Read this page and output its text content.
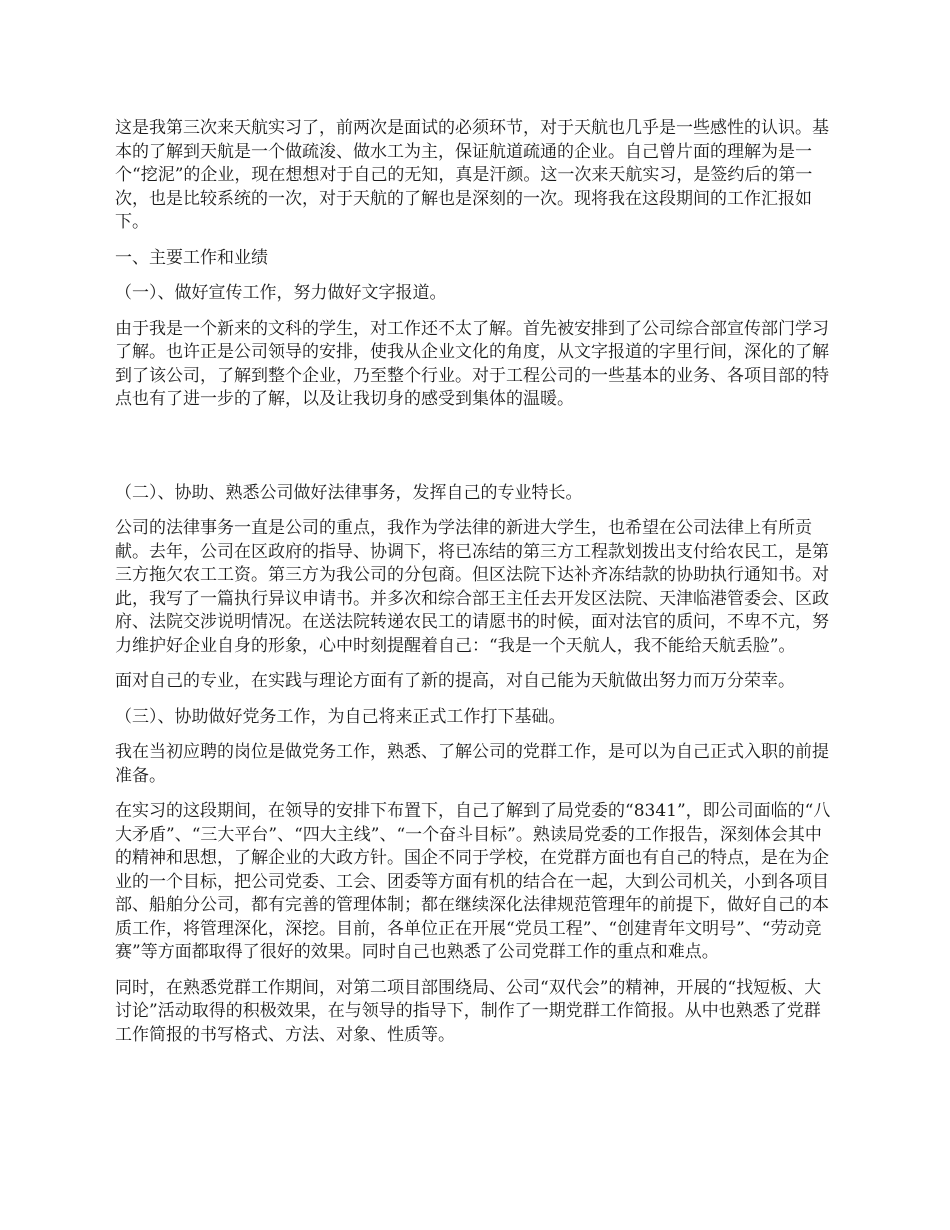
这是我第三次来天航实习了，前两次是面试的必须环节，对于天航也几乎是一些感性的认识。基本的了解到天航是一个做疏浚、做水工为主，保证航道疏通的企业。自己曾片面的理解为是一个“挖泥”的企业，现在想想对于自己的无知，真是汗颜。这一次来天航实习，是签约后的第一次，也是比较系统的一次，对于天航的了解也是深刻的一次。现将我在这段期间的工作汇报如下。

一、主要工作和业绩

（一）、做好宣传工作，努力做好文字报道。

由于我是一个新来的文科的学生，对工作还不太了解。首先被安排到了公司综合部宣传部门学习了解。也许正是公司领导的安排，使我从企业文化的角度，从文字报道的字里行间，深化的了解到了该公司，了解到整个企业，乃至整个行业。对于工程公司的一些基本的业务、各项目部的特点也有了进一步的了解，以及让我切身的感受到集体的温暖。

（二）、协助、熟悉公司做好法律事务，发挥自己的专业特长。

公司的法律事务一直是公司的重点，我作为学法律的新进大学生，也希望在公司法律上有所贡献。去年，公司在区政府的指导、协调下，将已冻结的第三方工程款划拨出支付给农民工，是第三方拖欠农工工资。第三方为我公司的分包商。但区法院下达补齐冻结款的协助执行通知书。对此，我写了一篇执行异议申请书。并多次和综合部王主任去开发区法院、天津临港管委会、区政府、法院交涉说明情况。在送法院转递农民工的请愿书的时候，面对法官的质问，不卑不亢，努力维护好企业自身的形象，心中时刻提醒着自己：“我是一个天航人，我不能给天航丢脸”。

面对自己的专业，在实践与理论方面有了新的提高，对自己能为天航做出努力而万分荣幸。

（三）、协助做好党务工作，为自己将来正式工作打下基础。

我在当初应聘的岗位是做党务工作，熟悉、了解公司的党群工作，是可以为自己正式入职的前提准备。

在实习的这段期间，在领导的安排下布置下，自己了解到了局党委的“8341”，即公司面临的“八大矛盾”、“三大平台”、“四大主线”、“一个奋斗目标”。熟读局党委的工作报告，深刻体会其中的精神和思想，了解企业的大政方针。国企不同于学校，在党群方面也有自己的特点，是在为企业的一个目标，把公司党委、工会、团委等方面有机的结合在一起，大到公司机关，小到各项目部、船舶分公司，都有完善的管理体制；都在继续深化法律规范管理年的前提下，做好自己的本质工作，将管理深化，深挖。目前，各单位正在开展“党员工程”、“创建青年文明号”、“劳动竞赛”等方面都取得了很好的效果。同时自己也熟悉了公司党群工作的重点和难点。

同时，在熟悉党群工作期间，对第二项目部围绕局、公司“双代会”的精神，开展的“找短板、大讨论”活动取得的积极效果，在与领导的指导下，制作了一期党群工作简报。从中也熟悉了党群工作简报的书写格式、方法、对象、性质等。
